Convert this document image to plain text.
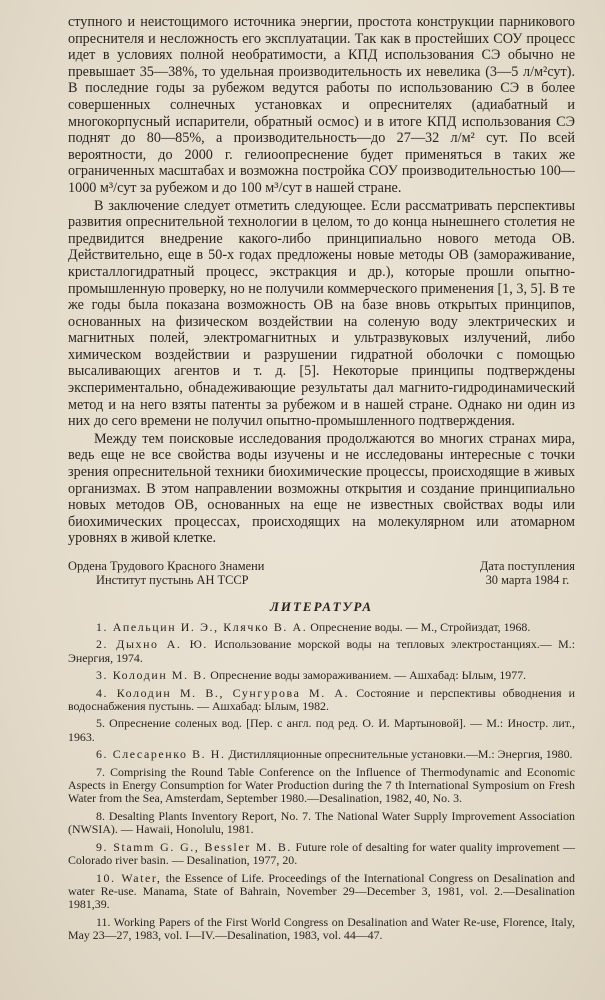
ступного и неистощимого источника энергии, простота конструкции парникового опреснителя и несложность его эксплуатации. Так как в простейших СОУ процесс идет в условиях полной необратимости, а КПД использования СЭ обычно не превышает 35—38%, то удельная производительность их невелика (3—5 л/м²сут). В последние годы за рубежом ведутся работы по использованию СЭ в более совершенных солнечных установках и опреснителях (адиабатный и многокорпусный испарители, обратный осмос) и в итоге КПД использования СЭ поднят до 80—85%, а производительность—до 27—32 л/м² сут. По всей вероятности, до 2000 г. гелиоопреснение будет применяться в таких же ограниченных масштабах и возможна постройка СОУ производительностью 100—1000 м³/сут за рубежом и до 100 м³/сут в нашей стране.

В заключение следует отметить следующее. Если рассматривать перспективы развития опреснительной технологии в целом, то до конца нынешнего столетия не предвидится внедрение какого-либо принципиально нового метода ОВ. Действительно, еще в 50-х годах предложены новые методы ОВ (замораживание, кристаллогидратный процесс, экстракция и др.), которые прошли опытно-промышленную проверку, но не получили коммерческого применения [1, 3, 5]. В те же годы была показана возможность ОВ на базе вновь открытых принципов, основанных на физическом воздействии на соленую воду электрических и магнитных полей, электромагнитных и ультразвуковых излучений, либо химическом воздействии и разрушении гидратной оболочки с помощью высаливающих агентов и т. д. [5]. Некоторые принципы подтверждены экспериментально, обнадеживающие результаты дал магнито-гидродинамический метод и на него взяты патенты за рубежом и в нашей стране. Однако ни один из них до сего времени не получил опытно-промышленного подтверждения.

Между тем поисковые исследования продолжаются во многих странах мира, ведь еще не все свойства воды изучены и не исследованы интересные с точки зрения опреснительной техники биохимические процессы, происходящие в живых организмах. В этом направлении возможны открытия и создание принципиально новых методов ОВ, основанных на еще не известных свойствах воды или биохимических процессах, происходящих на молекулярном или атомарном уровнях в живой клетке.

Ордена Трудового Красного Знамени
Институт пустынь АН ТССР
Дата поступления
30 марта 1984 г.
ЛИТЕРАТУРА

1. Апельцин И. Э., Клячко В. А. Опреснение воды. — М., Стройиздат, 1968.

2. Дыхно А. Ю. Использование морской воды на тепловых электростанциях.— М.: Энергия, 1974.

3. Колодин М. В. Опреснение воды замораживанием. — Ашхабад: Ылым, 1977.

4. Колодин М. В., Сунгурова М. А. Состояние и перспективы обводнения и водоснабжения пустынь. — Ашхабад: Ылым, 1982.

5. Опреснение соленых вод. [Пер. с англ. под ред. О. И. Мартыновой]. — М.: Иностр. лит., 1963.

6. Слесаренко В. Н. Дистилляционные опреснительные установки.—М.: Энергия, 1980.

7. Comprising the Round Table Conference on the Influence of Thermodynamic and Economic Aspects in Energy Consumption for Water Production during the 7 th International Symposium on Fresh Water from the Sea, Amsterdam, September 1980.—Desalination, 1982, 40, No. 3.

8. Desalting Plants Inventory Report, No. 7. The National Water Supply Improvement Association (NWSIA). — Hawaii, Honolulu, 1981.

9. Stamm G. G., Bessler M. B. Future role of desalting for water quality improvement — Colorado river basin. — Desalination, 1977, 20.

10. Water, the Essence of Life. Proceedings of the International Congress on Desalination and water Re-use. Manama, State of Bahrain, November 29—December 3, 1981, vol. 2.—Desalination 1981,39.

11. Working Papers of the First World Congress on Desalination and Water Re-use, Florence, Italy, May 23—27, 1983, vol. I—IV.—Desalination, 1983, vol. 44—47.
